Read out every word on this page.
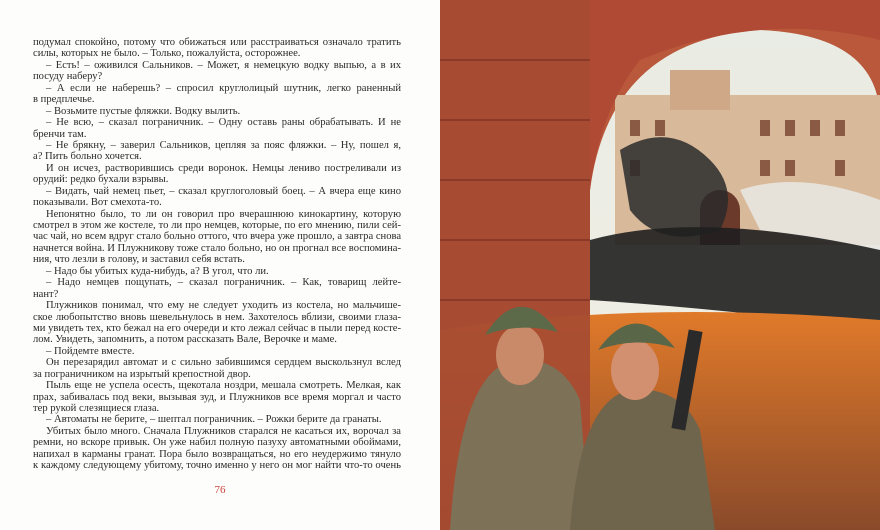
подумал спокойно, потому что обижаться или расстраиваться означало тратить
силы, которых не было. – Только, пожалуйста, осторожнее.
– Есть! – оживился Сальников. – Может, я немецкую водку выпью, а в их
посуду наберу?
– А если не наберешь? – спросил круглолицый шутник, легко раненный
в предплечье.
– Возьмите пустые фляжки. Водку вылить.
– Не всю, – сказал пограничник. – Одну оставь раны обрабатывать. И не
бренчи там.
– Не брякну, – заверил Сальников, цепляя за пояс фляжки. – Ну, пошел я,
а? Пить больно хочется.
И он исчез, растворившись среди воронок. Немцы лениво постреливали из
орудий: редко бухали взрывы.
– Видать, чай немец пьет, – сказал круглоголовый боец. – А вчера еще кино
показывали. Вот смехота-то.
Непонятно было, то ли он говорил про вчерашнюю кинокартину, которую
смотрел в этом же костеле, то ли про немцев, которые, по его мнению, пили сей-
час чай, но всем вдруг стало больно оттого, что вчера уже прошло, а завтра снова
начнется война. И Плужникову тоже стало больно, но он прогнал все воспомина-
ния, что лезли в голову, и заставил себя встать.
– Надо бы убитых куда-нибудь, а? В угол, что ли.
– Надо немцев пощупать, – сказал пограничник. – Как, товарищ лейте-
нант?
Плужников понимал, что ему не следует уходить из костела, но мальчише-
ское любопытство вновь шевельнулось в нем. Захотелось вблизи, своими глаза-
ми увидеть тех, кто бежал на его очереди и кто лежал сейчас в пыли перед косте-
лом. Увидеть, запомнить, а потом рассказать Вале, Верочке и маме.
– Пойдемте вместе.
Он перезарядил автомат и с сильно забившимся сердцем выскользнул вслед
за пограничником на изрытый крепостной двор.
Пыль еще не успела осесть, щекотала ноздри, мешала смотреть. Мелкая, как
прах, забивалась под веки, вызывая зуд, и Плужников все время моргал и часто
тер рукой слезящиеся глаза.
– Автоматы не берите, – шептал пограничник. – Рожки берите да гранаты.
Убитых было много. Сначала Плужников старался не касаться их, ворочал за
ремни, но вскоре привык. Он уже набил полную пазуху автоматными обоймами,
напихал в карманы гранат. Пора было возвращаться, но его неудержимо тянуло
к каждому следующему убитому, точно именно у него он мог найти что-то очень
76
